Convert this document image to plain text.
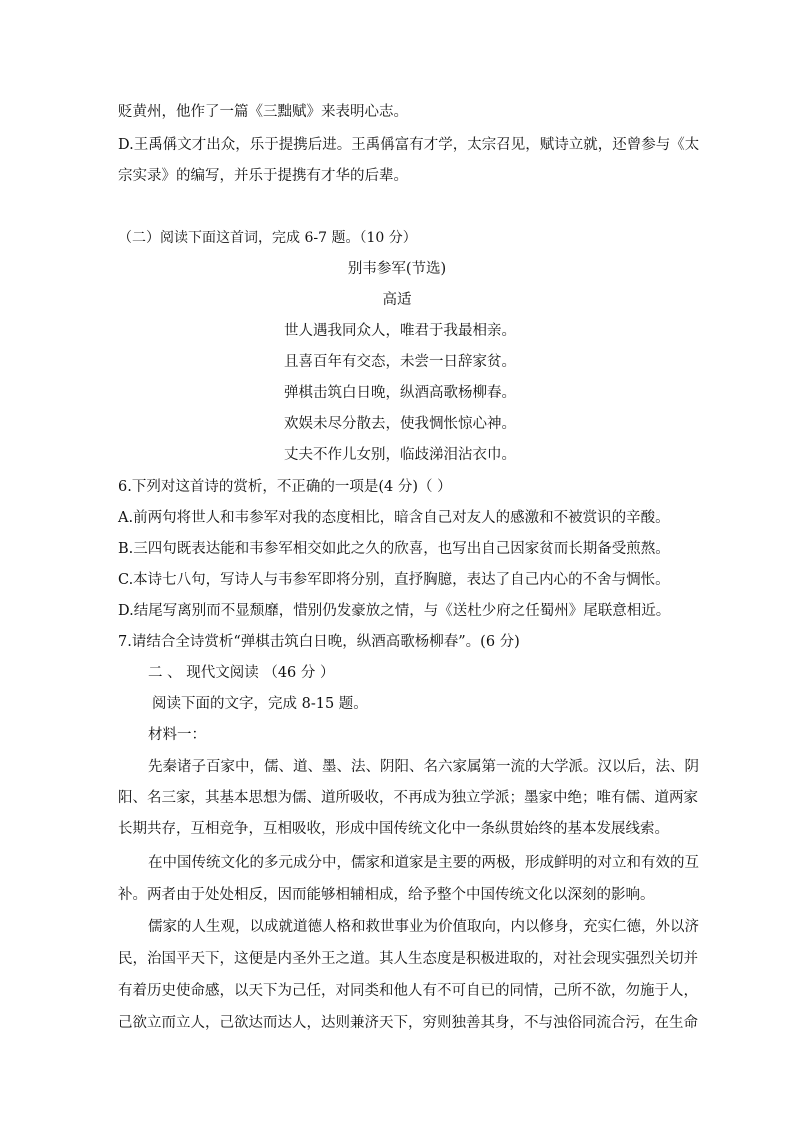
贬黄州，他作了一篇《三黜赋》来表明心志。
D.王禹偁文才出众，乐于提携后进。王禹偁富有才学，太宗召见，赋诗立就，还曾参与《太
宗实录》的编写，并乐于提携有才华的后辈。
（二）阅读下面这首词，完成 6-7 题。（10 分）
别韦参军(节选)
高适
世人遇我同众人，唯君于我最相亲。
且喜百年有交态，未尝一日辞家贫。
弹棋击筑白日晚，纵酒高歌杨柳春。
欢娱未尽分散去，使我惆怅惊心神。
丈夫不作儿女别，临歧涕泪沾衣巾。
6.下列对这首诗的赏析，不正确的一项是(4 分)（ ）
A.前两句将世人和韦参军对我的态度相比，暗含自己对友人的感激和不被赏识的辛酸。
B.三四句既表达能和韦参军相交如此之久的欣喜，也写出自己因家贫而长期备受煎熬。
C.本诗七八句，写诗人与韦参军即将分别，直抒胸臆，表达了自己内心的不舍与惆怅。
D.结尾写离别而不显颓靡，惜别仍发豪放之情，与《送杜少府之任蜀州》尾联意相近。
7.请结合全诗赏析“弹棋击筑白日晚，纵酒高歌杨柳春”。(6 分)
二 、 现代文阅读 （46 分 ）
阅读下面的文字，完成 8-15 题。
材料一：
先秦诸子百家中，儒、道、墨、法、阴阳、名六家属第一流的大学派。汉以后，法、阴
阳、名三家，其基本思想为儒、道所吸收，不再成为独立学派；墨家中绝；唯有儒、道两家
长期共存，互相竞争，互相吸收，形成中国传统文化中一条纵贯始终的基本发展线索。
在中国传统文化的多元成分中，儒家和道家是主要的两极，形成鲜明的对立和有效的互
补。两者由于处处相反，因而能够相辅相成，给予整个中国传统文化以深刻的影响。
儒家的人生观，以成就道德人格和救世事业为价值取向，内以修身，充实仁德，外以济
民，治国平天下，这便是内圣外王之道。其人生态度是积极进取的，对社会现实强烈关切并
有着历史使命感，以天下为己任，对同类和他人有不可自已的同情，己所不欲，勿施于人，
己欲立而立人，己欲达而达人，达则兼济天下，穷则独善其身，不与浊俗同流合污，在生命
